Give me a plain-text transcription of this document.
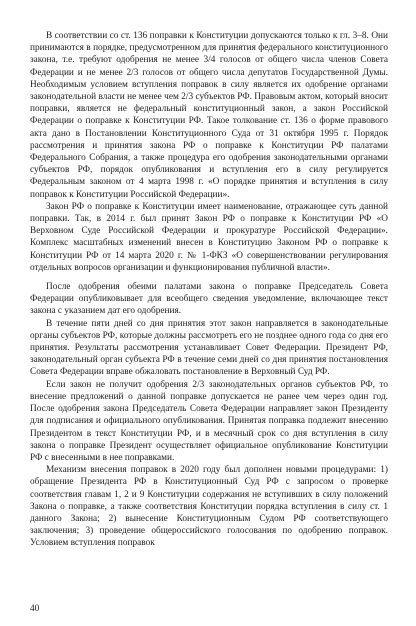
В соответствии со ст. 136 поправки к Конституции допускаются только к гл. 3–8. Они принимаются в порядке, предусмотренном для принятия федерального конституционного закона, т.е. требуют одобрения не менее 3/4 голосов от общего числа членов Совета Федерации и не менее 2/3 голосов от общего числа депутатов Государственной Думы. Необходимым условием вступления поправок в силу является их одобрение органами законодательной власти не менее чем 2/3 субъектов РФ. Правовым актом, который вносит поправки, является не федеральный конституционный закон, а закон Российской Федерации о поправке к Конституции РФ. Такое толкование ст. 136 о форме правового акта дано в Постановлении Конституционного Суда от 31 октября 1995 г. Порядок рассмотрения и принятия закона РФ о поправке к Конституции РФ палатами Федерального Собрания, а также процедура его одобрения законодательными органами субъектов РФ, порядок опубликования и вступления его в силу регулируется Федеральным законом от 4 марта 1998 г. «О порядке принятия и вступления в силу поправок к Конституции Российской Федерации».

Закон РФ о поправке к Конституции имеет наименование, отражающее суть данной поправки. Так, в 2014 г. был принят Закон РФ о поправке к Конституции РФ «О Верховном Суде Российской Федерации и прокуратуре Российской Федерации». Комплекс масштабных изменений внесен в Конституцию Законом РФ о поправке к Конституции РФ от 14 марта 2020 г. № 1-ФКЗ «О совершенствовании регулирования отдельных вопросов организации и функционирования публичной власти».

После одобрения обеими палатами закона о поправке Председатель Совета Федерации опубликовывает для всеобщего сведения уведомление, включающее текст закона с указанием дат его одобрения.

В течение пяти дней со дня принятия этот закон направляется в законодательные органы субъектов РФ, которые должны рассмотреть его не позднее одного года со дня его принятия. Результаты рассмотрения устанавливает Совет Федерации. Президент РФ, законодательный орган субъекта РФ в течение семи дней со дня принятия постановления Совета Федерации вправе обжаловать постановление в Верховный Суд РФ.

Если закон не получит одобрения 2/3 законодательных органов субъектов РФ, то внесение предложений о данной поправке допускается не ранее чем через один год. После одобрения закона Председатель Совета Федерации направляет закон Президенту для подписания и официального опубликования. Принятая поправка подлежит внесению Президентом в текст Конституции РФ, и в месячный срок со дня вступления в силу закона о поправке Президент осуществляет официальное опубликование Конституции РФ с внесенными в нее поправками.

Механизм внесения поправок в 2020 году был дополнен новыми процедурами: 1) обращение Президента РФ в Конституционный Суд РФ с запросом о проверке соответствия главам 1, 2 и 9 Конституции содержания не вступивших в силу положений Закона о поправке, а также соответствия Конституции порядка вступления в силу ст. 1 данного Закона; 2) вынесение Конституционным Судом РФ соответствующего заключения; 3) проведение общероссийского голосования по одобрению поправок. Условием вступления поправок

40
